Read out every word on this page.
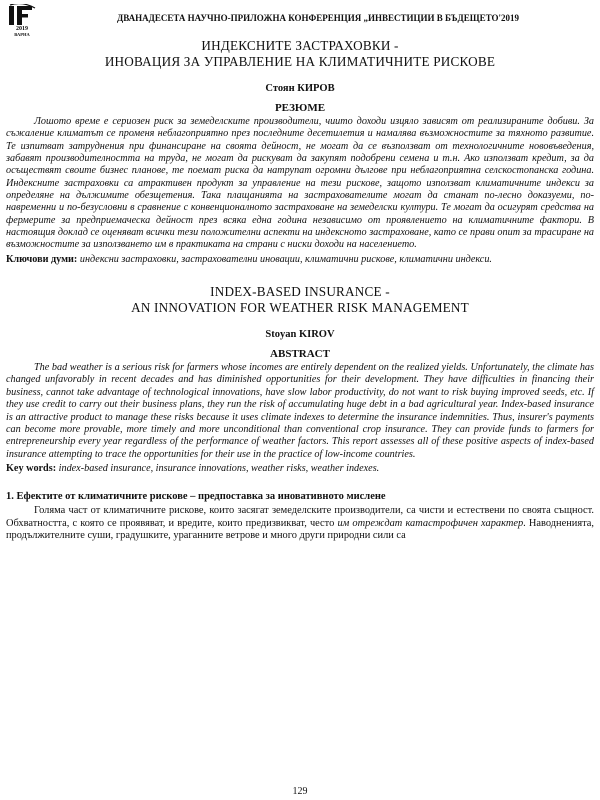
2019
ВАРНА
ДВАНАДЕСЕТА НАУЧНО-ПРИЛОЖНА КОНФЕРЕНЦИЯ „ИНВЕСТИЦИИ В БЪДЕЩЕТО'2019
ИНДЕКСНИТЕ ЗАСТРАХОВКИ -
ИНОВАЦИЯ ЗА УПРАВЛЕНИЕ НА КЛИМАТИЧНИТЕ РИСКОВЕ
Стоян КИРОВ
РЕЗЮМЕ

Лошото време е сериозен риск за земеделските производители, чиито доходи изцяло зависят от реализираните добиви. За съжаление климатът се променя неблагоприятно през последните десетилетия и намалява възможностите за тяхното развитие. Те изпитват затруднения при финансиране на своята дейност, не могат да се възползват от технологичните нововъведения, забавят производителността на труда, не могат да рискуват да закупят подобрени семена и т.н. Ако използват кредит, за да осъществят своите бизнес планове, те поемат риска да натрупат огромни дългове при неблагоприятна селскостопанска година. Индексните застраховки са атрактивен продукт за управление на тези рискове, защото използват климатичните индекси за определяне на дължимите обезщетения. Така плащанията на застрахователите могат да станат по-лесно доказуеми, по-навременни и по-безусловни в сравнение с конвенционалното застраховане на земеделски култури. Те могат да осигурят средства на фермерите за предприемаческа дейност през всяка една година независимо от проявлението на климатичните фактори. В настоящия доклад се оценяват всички тези положителни аспекти на индексното застраховане, като се прави опит за трасиране на възможностите за използването им в практиката на страни с ниски доходи на населението.

Ключови думи: индексни застраховки, застрахователни иновации, климатични рискове, климатични индекси.

INDEX-BASED INSURANCE -
AN INNOVATION FOR WEATHER RISK MANAGEMENT
Stoyan KIROV
ABSTRACT

The bad weather is a serious risk for farmers whose incomes are entirely dependent on the realized yields. Unfortunately, the climate has changed unfavorably in recent decades and has diminished opportunities for their development. They have difficulties in financing their business, cannot take advantage of technological innovations, have slow labor productivity, do not want to risk buying improved seeds, etc. If they use credit to carry out their business plans, they run the risk of accumulating huge debt in a bad agricultural year. Index-based insurance is an attractive product to manage these risks because it uses climate indexes to determine the insurance indemnities. Thus, insurer's payments can become more provable, more timely and more unconditional than conventional crop insurance. They can provide funds to farmers for entrepreneurship every year regardless of the performance of weather factors. This report assesses all of these positive aspects of index-based insurance attempting to trace the opportunities for their use in the practice of low-income countries.

Key words: index-based insurance, insurance innovations, weather risks, weather indexes.

1. Ефектите от климатичните рискове – предпоставка за иновативното мислене

Голяма част от климатичните рискове, които засягат земеделските производители, са чисти и естествени по своята същност. Обхватността, с която се проявяват, и вредите, които предизвикват, често им отреждат катастрофичен характер. Наводненията, продължителните суши, градушките, ураганните ветрове и много други природни сили са

129
